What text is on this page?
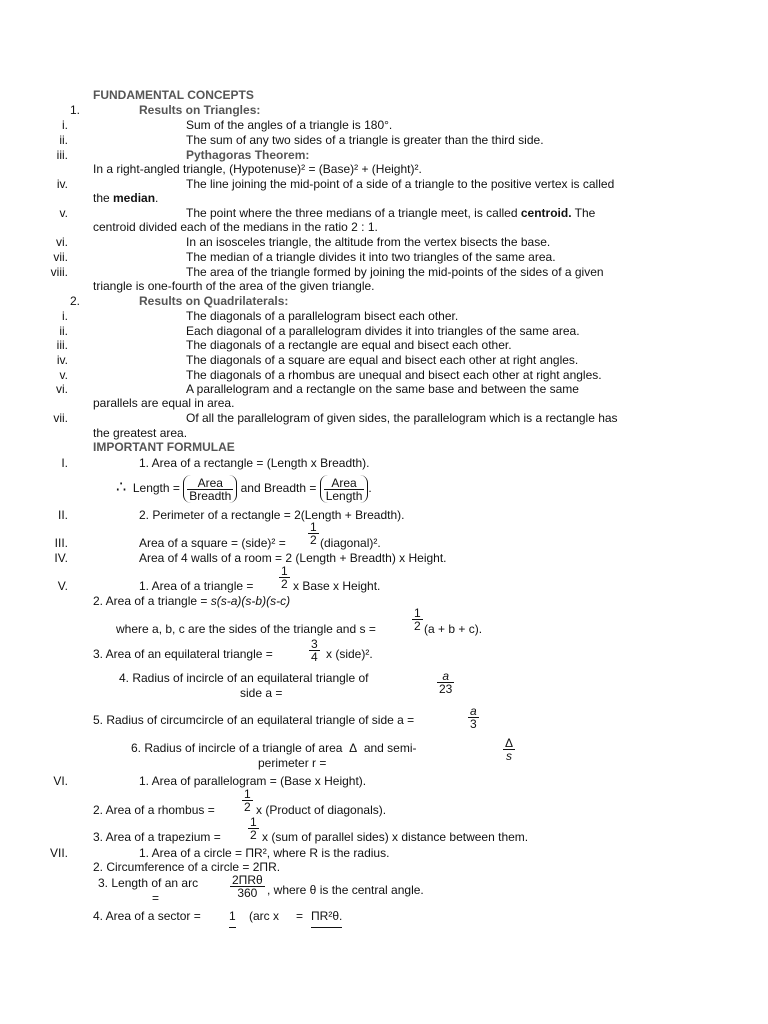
FUNDAMENTAL CONCEPTS
1.	Results on Triangles:
i.	Sum of the angles of a triangle is 180°.
ii.	The sum of any two sides of a triangle is greater than the third side.
iii.	Pythagoras Theorem:
In a right-angled triangle, (Hypotenuse)² = (Base)² + (Height)².
iv.	The line joining the mid-point of a side of a triangle to the positive vertex is called
the median.
v.	The point where the three medians of a triangle meet, is called centroid. The
centroid divided each of the medians in the ratio 2 : 1.
vi.	In an isosceles triangle, the altitude from the vertex bisects the base.
vii.	The median of a triangle divides it into two triangles of the same area.
viii.	The area of the triangle formed by joining the mid-points of the sides of a given
triangle is one-fourth of the area of the given triangle.
2.	Results on Quadrilaterals:
i.	The diagonals of a parallelogram bisect each other.
ii.	Each diagonal of a parallelogram divides it into triangles of the same area.
iii.	The diagonals of a rectangle are equal and bisect each other.
iv.	The diagonals of a square are equal and bisect each other at right angles.
v.	The diagonals of a rhombus are unequal and bisect each other at right angles.
vi.	A parallelogram and a rectangle on the same base and between the same
parallels are equal in area.
vii.	Of all the parallelogram of given sides, the parallelogram which is a rectangle has
the greatest area.
IMPORTANT FORMULAE
I.	1. Area of a rectangle = (Length x Breadth).
∴ Length = $\frac{\text{Area}}{\text{Breadth}}$ and Breadth = $\frac{\text{Area}}{\text{Length}}$ .
II.	2. Perimeter of a rectangle = 2(Length + Breadth).
III.	Area of a square = (side)² = $\frac{1}{2}$ (diagonal)².
IV.	Area of 4 walls of a room = 2 (Length + Breadth) x Height.
V.	1. Area of a triangle = $\frac{1}{2}$ x Base x Height.
2. Area of a triangle = s(s-a)(s-b)(s-c)
where a, b, c are the sides of the triangle and s =	$\frac{1}{2} (a + b + c)$.
3. Area of an equilateral triangle =	$\frac{3}{4}$ x (side)².
4. Radius of incircle of an equilateral triangle of
side a =	$\frac{a}{23}$
5. Radius of circumcircle of an equilateral triangle of side a =	$\frac{a}{3}$
6. Radius of incircle of a triangle of area Δ and semi-
perimeter r =
$\frac{\Delta}{s}$
VI.	1. Area of parallelogram = (Base x Height).
2. Area of a rhombus = $\frac{1}{2}$ x (Product of diagonals).
3. Area of a trapezium = $\frac{1}{2}$ x (sum of parallel sides) x distance between them.
VII.	1. Area of a circle = ΠR², where R is the radius.
2. Circumference of a circle = 2ΠR.
3. Length of an arc
=	$\frac{\text{2ΠRθ}}{360}$ , where θ is the central angle.
4. Area of a sector = 1 (arc x = ΠR²θ.
